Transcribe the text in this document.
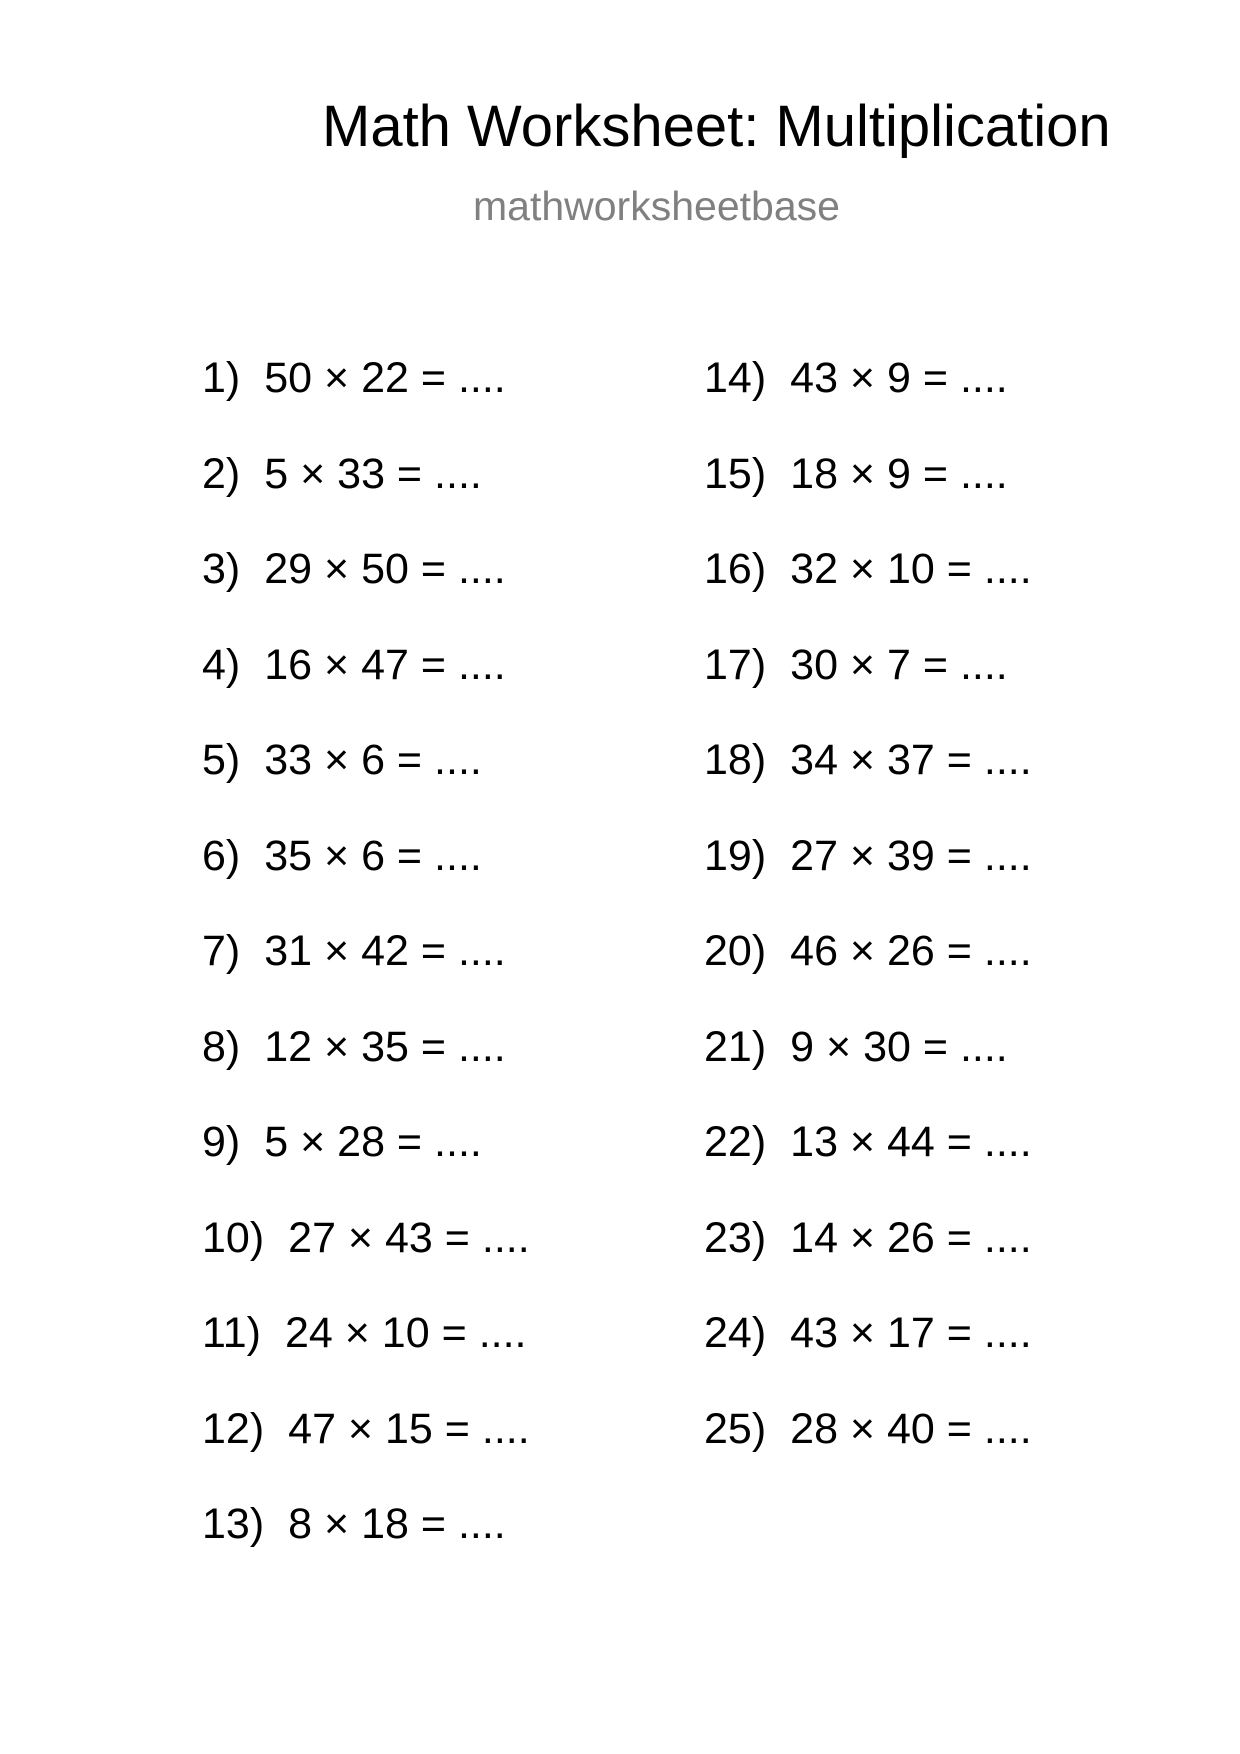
Math Worksheet: Multiplication
mathworksheetbase
1) 50 × 22 = ....
2) 5 × 33 = ....
3) 29 × 50 = ....
4) 16 × 47 = ....
5) 33 × 6 = ....
6) 35 × 6 = ....
7) 31 × 42 = ....
8) 12 × 35 = ....
9) 5 × 28 = ....
10) 27 × 43 = ....
11) 24 × 10 = ....
12) 47 × 15 = ....
13) 8 × 18 = ....
14) 43 × 9 = ....
15) 18 × 9 = ....
16) 32 × 10 = ....
17) 30 × 7 = ....
18) 34 × 37 = ....
19) 27 × 39 = ....
20) 46 × 26 = ....
21) 9 × 30 = ....
22) 13 × 44 = ....
23) 14 × 26 = ....
24) 43 × 17 = ....
25) 28 × 40 = ....
